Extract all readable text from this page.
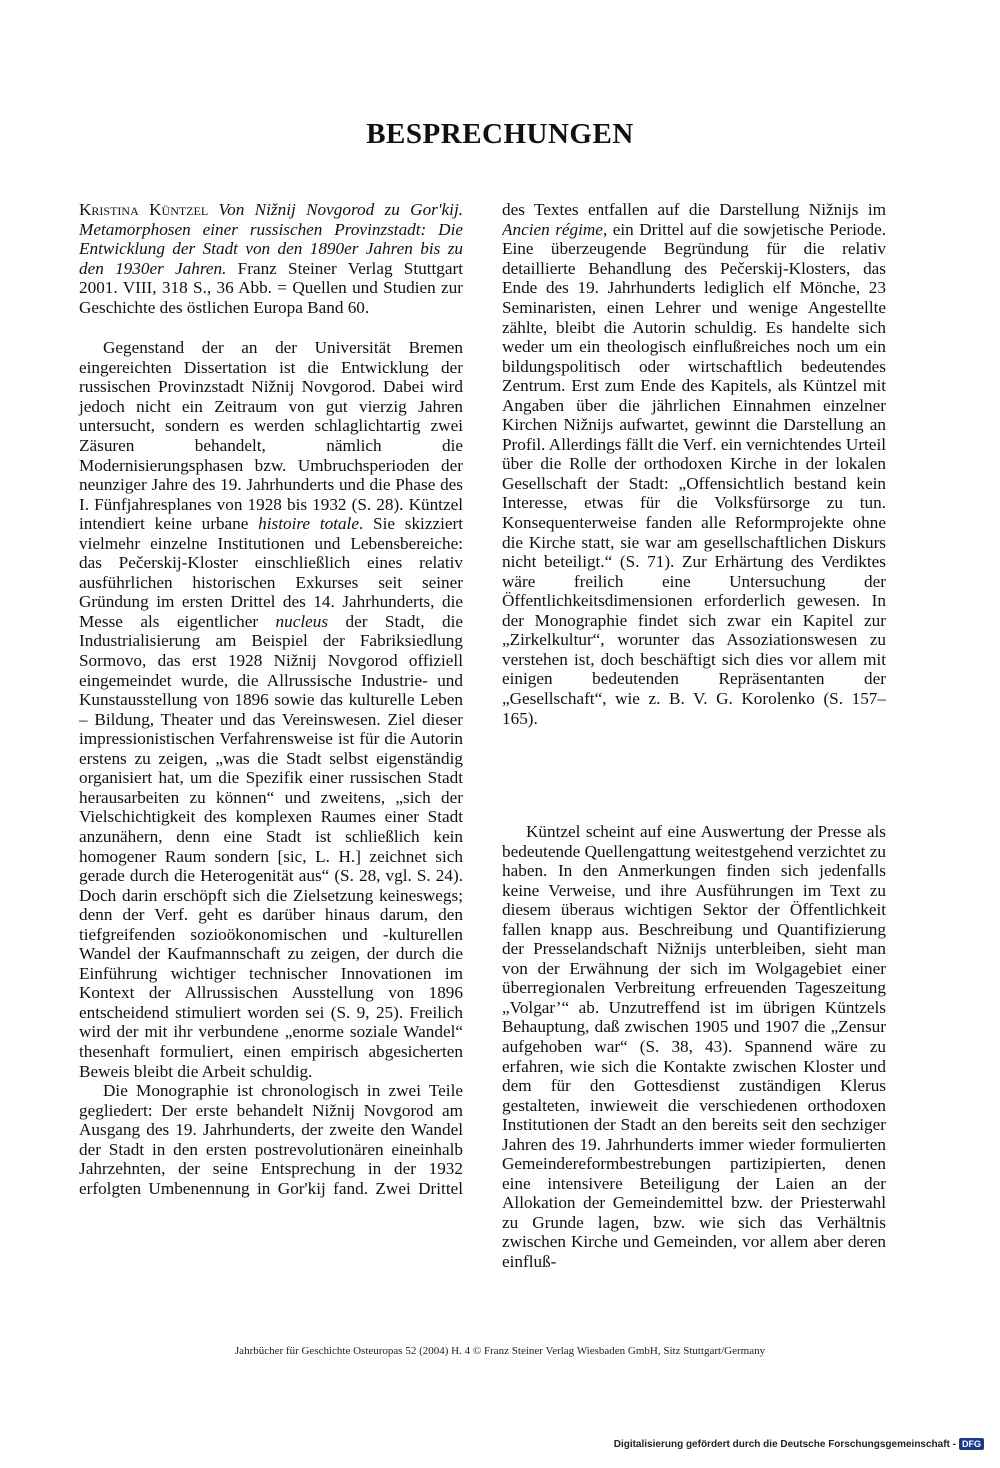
BESPRECHUNGEN

Kristina Küntzel Von Nižnij Novgorod zu Gor'kij. Metamorphosen einer russischen Provinzstadt: Die Entwicklung der Stadt von den 1890er Jahren bis zu den 1930er Jahren. Franz Steiner Verlag Stuttgart 2001. VIII, 318 S., 36 Abb. = Quellen und Studien zur Geschichte des östlichen Europa Band 60.

Gegenstand der an der Universität Bremen eingereichten Dissertation ist die Entwicklung der russischen Provinzstadt Nižnij Novgorod. Dabei wird jedoch nicht ein Zeitraum von gut vierzig Jahren untersucht, sondern es werden schlaglichtartig zwei Zäsuren behandelt, nämlich die Modernisierungsphasen bzw. Umbruchsperioden der neunziger Jahre des 19. Jahrhunderts und die Phase des I. Fünfjahresplanes von 1928 bis 1932 (S. 28). Küntzel intendiert keine urbane histoire totale. Sie skizziert vielmehr einzelne Institutionen und Lebensbereiche: das Pečerskij-Kloster einschließlich eines relativ ausführlichen historischen Exkurses seit seiner Gründung im ersten Drittel des 14. Jahrhunderts, die Messe als eigentlicher nucleus der Stadt, die Industrialisierung am Beispiel der Fabriksiedlung Sormovo, das erst 1928 Nižnij Novgorod offiziell eingemeindet wurde, die Allrussische Industrie- und Kunstausstellung von 1896 sowie das kulturelle Leben – Bildung, Theater und das Vereinswesen. Ziel dieser impressionistischen Verfahrensweise ist für die Autorin erstens zu zeigen, „was die Stadt selbst eigenständig organisiert hat, um die Spezifik einer russischen Stadt herausarbeiten zu können“ und zweitens, „sich der Vielschichtigkeit des komplexen Raumes einer Stadt anzunähern, denn eine Stadt ist schließlich kein homogener Raum sondern [sic, L. H.] zeichnet sich gerade durch die Heterogenität aus“ (S. 28, vgl. S. 24). Doch darin erschöpft sich die Zielsetzung keineswegs; denn der Verf. geht es darüber hinaus darum, den tiefgreifenden sozioökonomischen und -kulturellen Wandel der Kaufmannschaft zu zeigen, der durch die Einführung wichtiger technischer Innovationen im Kontext der Allrussischen Ausstellung von 1896 entscheidend stimuliert worden sei (S. 9, 25). Freilich wird der mit ihr verbundene „enorme soziale Wandel“ thesenhaft formuliert, einen empirisch abgesicherten Beweis bleibt die Arbeit schuldig.

Die Monographie ist chronologisch in zwei Teile gegliedert: Der erste behandelt Nižnij Novgorod am Ausgang des 19. Jahrhunderts, der zweite den Wandel der Stadt in den ersten postrevolutionären eineinhalb Jahrzehnten, der seine Entsprechung in der 1932 erfolgten Umbenennung in Gor'kij fand. Zwei Drittel

des Textes entfallen auf die Darstellung Nižnijs im Ancien régime, ein Drittel auf die sowjetische Periode. Eine überzeugende Begründung für die relativ detaillierte Behandlung des Pečerskij-Klosters, das Ende des 19. Jahrhunderts lediglich elf Mönche, 23 Seminaristen, einen Lehrer und wenige Angestellte zählte, bleibt die Autorin schuldig. Es handelte sich weder um ein theologisch einflußreiches noch um ein bildungspolitisch oder wirtschaftlich bedeutendes Zentrum. Erst zum Ende des Kapitels, als Küntzel mit Angaben über die jährlichen Einnahmen einzelner Kirchen Nižnijs aufwartet, gewinnt die Darstellung an Profil. Allerdings fällt die Verf. ein vernichtendes Urteil über die Rolle der orthodoxen Kirche in der lokalen Gesellschaft der Stadt: „Offensichtlich bestand kein Interesse, etwas für die Volksfürsorge zu tun. Konsequenterweise fanden alle Reformprojekte ohne die Kirche statt, sie war am gesellschaftlichen Diskurs nicht beteiligt.“ (S. 71). Zur Erhärtung des Verdiktes wäre freilich eine Untersuchung der Öffentlichkeitsdimensionen erforderlich gewesen. In der Monographie findet sich zwar ein Kapitel zur „Zirkelkultur“, worunter das Assoziationswesen zu verstehen ist, doch beschäftigt sich dies vor allem mit einigen bedeutenden Repräsentanten der „Gesellschaft“, wie z. B. V. G. Korolenko (S. 157–165).

Küntzel scheint auf eine Auswertung der Presse als bedeutende Quellengattung weitestgehend verzichtet zu haben. In den Anmerkungen finden sich jedenfalls keine Verweise, und ihre Ausführungen im Text zu diesem überaus wichtigen Sektor der Öffentlichkeit fallen knapp aus. Beschreibung und Quantifizierung der Presselandschaft Nižnijs unterbleiben, sieht man von der Erwähnung der sich im Wolgagebiet einer überregionalen Verbreitung erfreuenden Tageszeitung „Volgar’“ ab. Unzutreffend ist im übrigen Küntzels Behauptung, daß zwischen 1905 und 1907 die „Zensur aufgehoben war“ (S. 38, 43). Spannend wäre zu erfahren, wie sich die Kontakte zwischen Kloster und dem für den Gottesdienst zuständigen Klerus gestalteten, inwieweit die verschiedenen orthodoxen Institutionen der Stadt an den bereits seit den sechziger Jahren des 19. Jahrhunderts immer wieder formulierten Gemeindereformbestrebungen partizipierten, denen eine intensivere Beteiligung der Laien an der Allokation der Gemeindemittel bzw. der Priesterwahl zu Grunde lagen, bzw. wie sich das Verhältnis zwischen Kirche und Gemeinden, vor allem aber deren einfluß-

Jahrbücher für Geschichte Osteuropas 52 (2004) H. 4 © Franz Steiner Verlag Wiesbaden GmbH, Sitz Stuttgart/Germany
Digitalisierung gefördert durch die Deutsche Forschungsgemeinschaft - DFG
